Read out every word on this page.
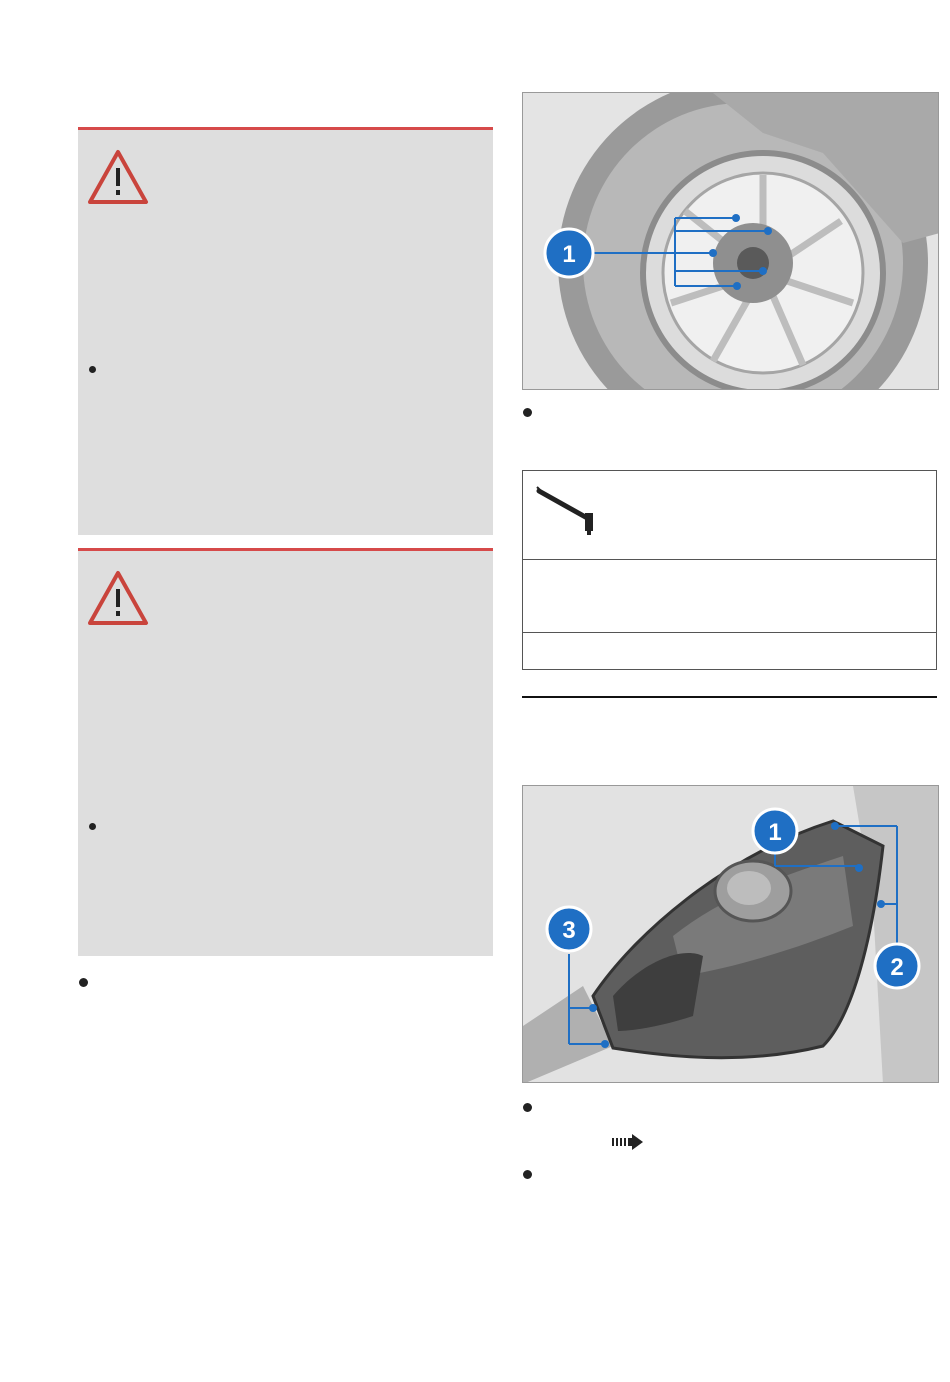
1
1
2
3
